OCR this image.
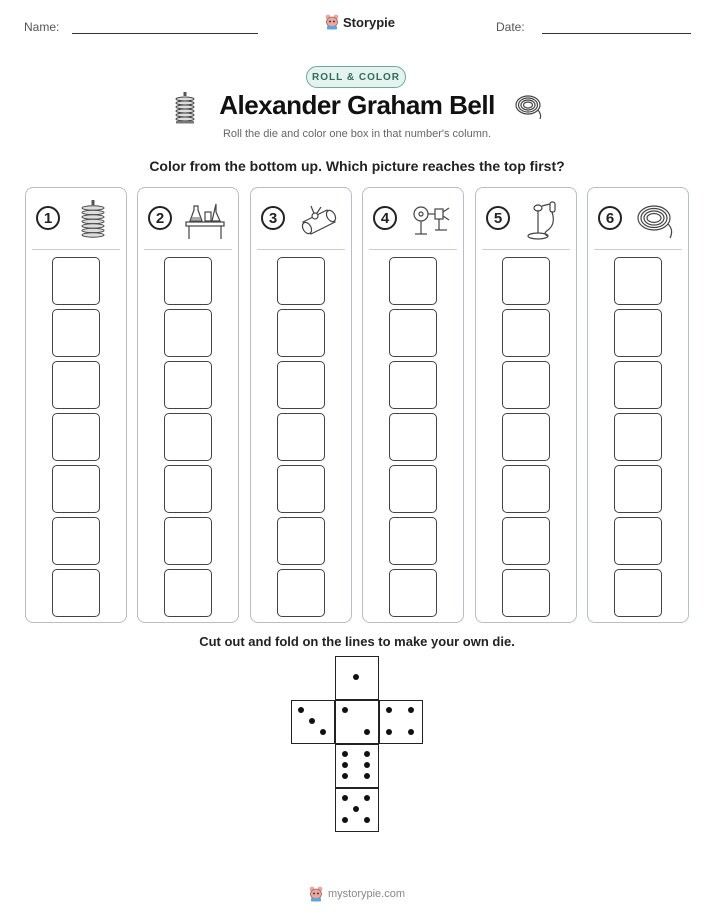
Name:	Storypie	Date:
ROLL & COLOR
Alexander Graham Bell
Roll the die and color one box in that number's column.
Color from the bottom up. Which picture reaches the top first?
1	2	3	4	5	6
Cut out and fold on the lines to make your own die.
mystorypie.com
